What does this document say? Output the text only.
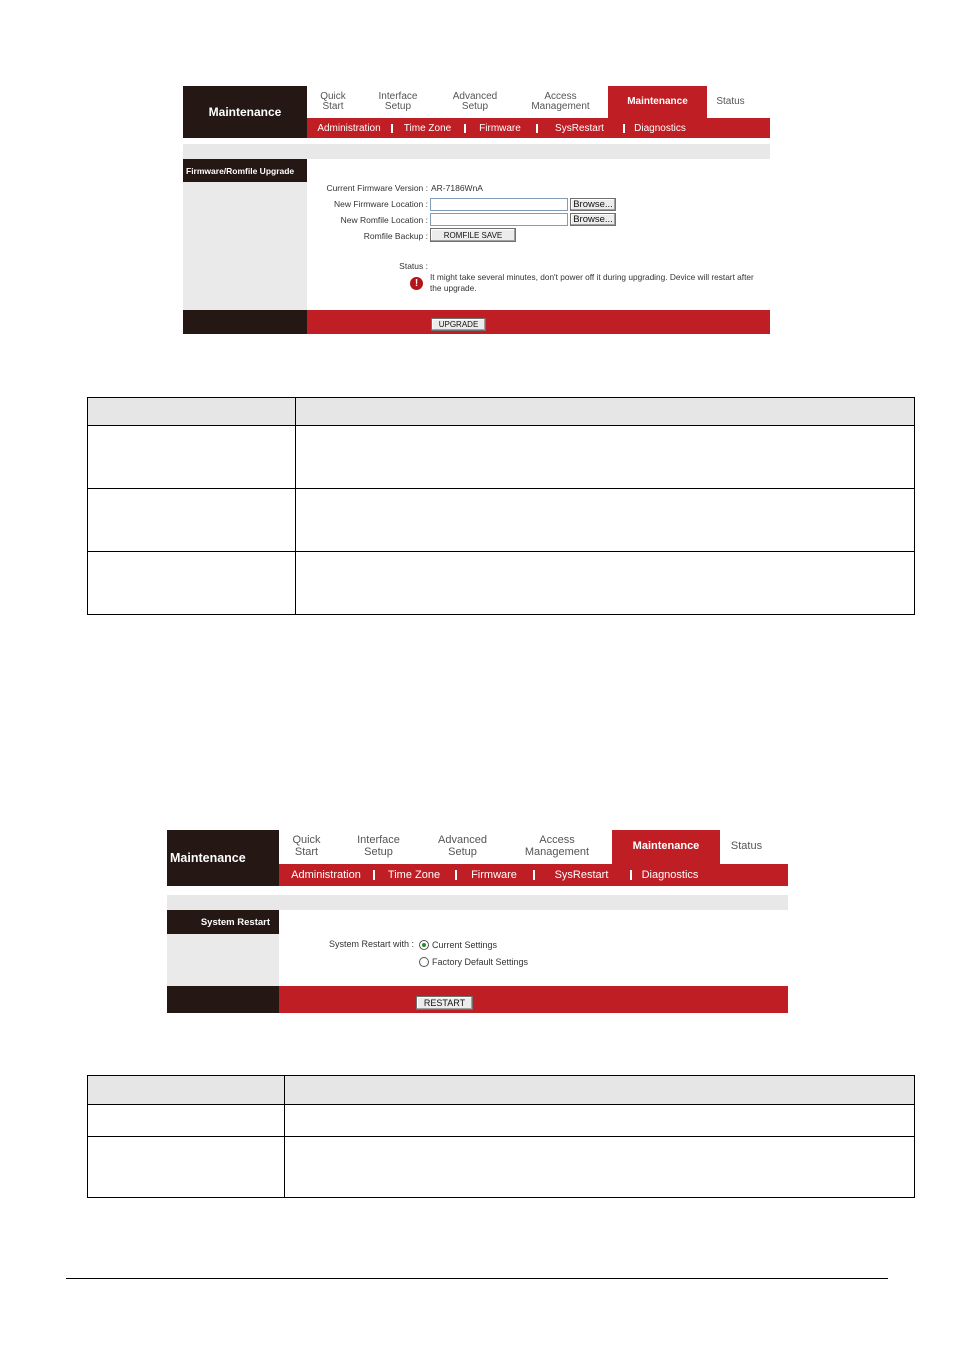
Maintenance
Quick
Start
Interface
Setup
Advanced
Setup
Access
Management	Maintenance	Status
Administration	Time Zone	Firmware	SysRestart	Diagnostics
Firmware/Romfile Upgrade
Current Firmware Version : AR-7186WnA
New Firmware Location :	Browse...
New Romfile Location :	Browse...
Romfile Backup :	ROMFILE SAVE
Status :
!
It might take several minutes, don't power off it during upgrading. Device will restart after
the upgrade.
UPGRADE
Maintenance
Quick
Start
Interface
Setup
Advanced
Setup
Access
Management	Maintenance	Status
Administration	Time Zone	Firmware	SysRestart	Diagnostics
System Restart
System Restart with : Current Settings
Factory Default Settings
RESTART
